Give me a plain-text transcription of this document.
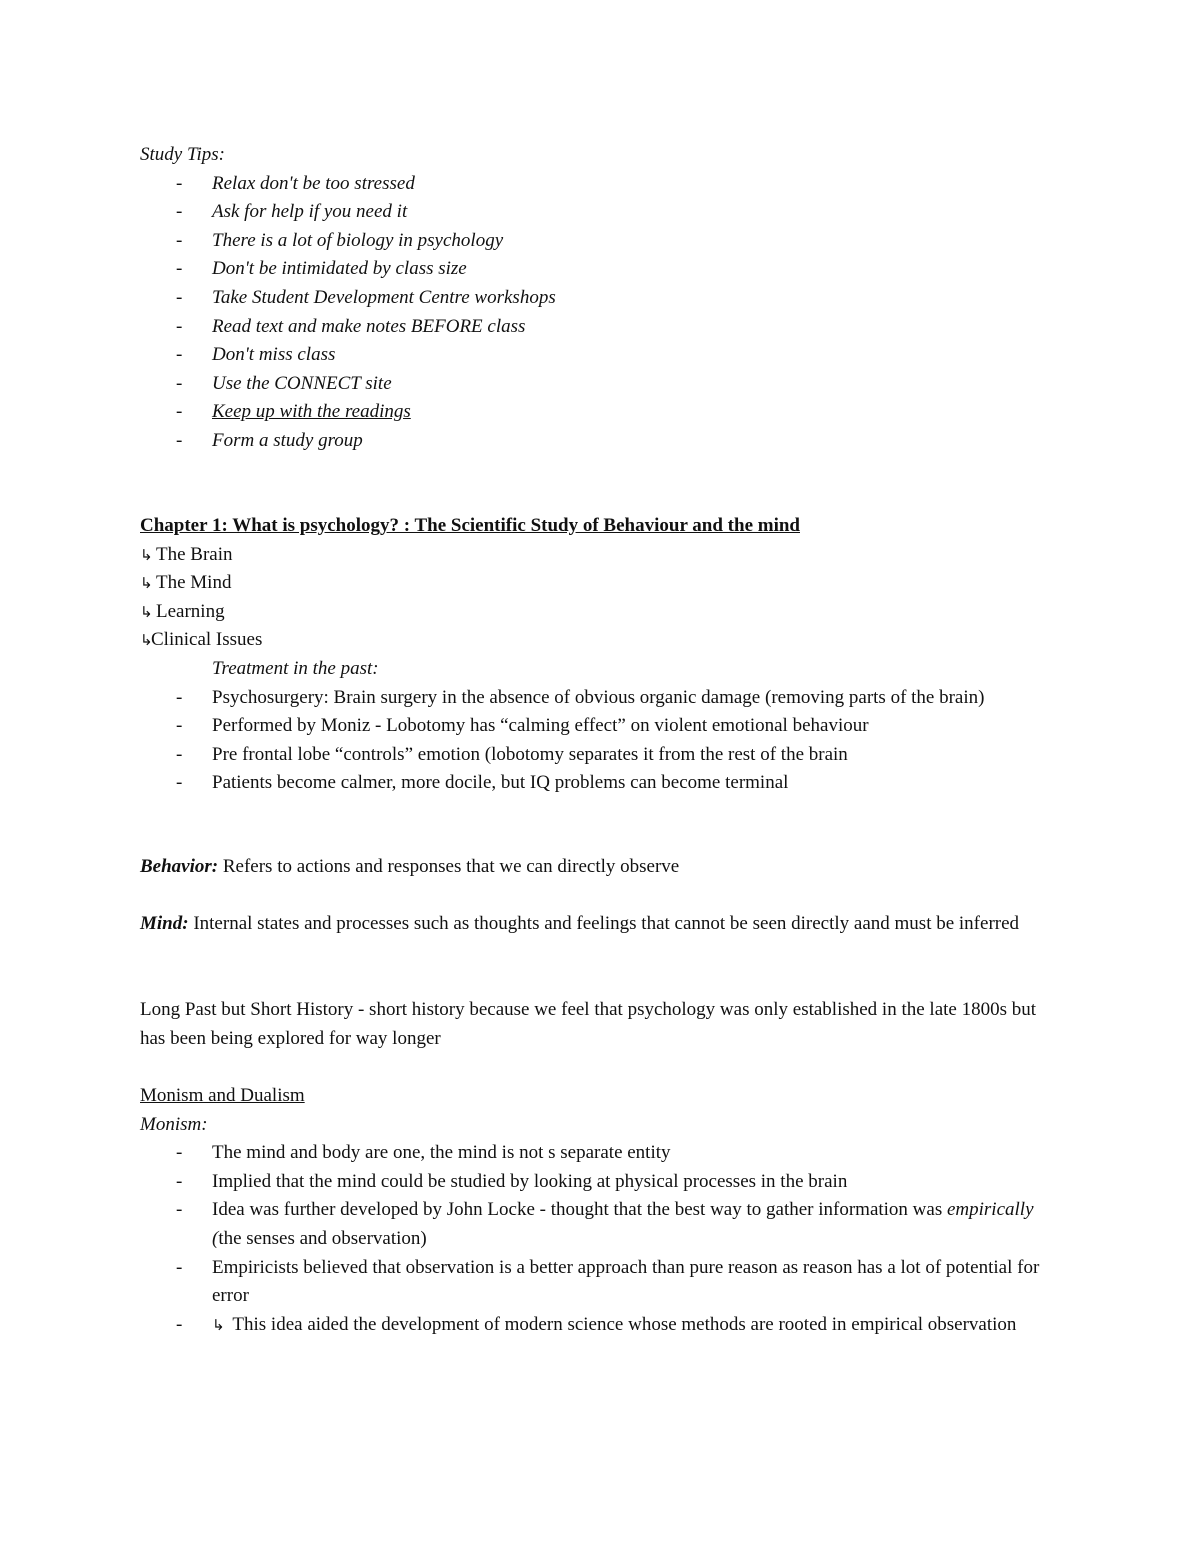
Study Tips:
-	Relax don't be too stressed
-	Ask for help if you need it
-	There is a lot of biology in psychology
-	Don't be intimidated by class size
-	Take Student Development Centre workshops
-	Read text and make notes BEFORE class
-	Don't miss class
-	Use the CONNECT site
-	Keep up with the readings
-	Form a study group
Chapter 1: What is psychology? : The Scientific Study of Behaviour and the mind
↳ The Brain
↳ The Mind
↳ Learning
↳Clinical Issues
Treatment in the past:
-	Psychosurgery: Brain surgery in the absence of obvious organic damage (removing parts of the brain)
-	Performed by Moniz - Lobotomy has “calming effect” on violent emotional behaviour
-	Pre frontal lobe “controls” emotion (lobotomy separates it from the rest of the brain
-	Patients become calmer, more docile, but IQ problems can become terminal

Behavior: Refers to actions and responses that we can directly observe

Mind: Internal states and processes such as thoughts and feelings that cannot be seen directly aand must be inferred

Long Past but Short History - short history because we feel that psychology was only established in the late 1800s but has been being explored for way longer

Monism and Dualism
Monism:
-	The mind and body are one, the mind is not s separate entity
-	Implied that the mind could be studied by looking at physical processes in the brain
-	Idea was further developed by John Locke - thought that the best way to gather information was empirically (the senses and observation)
-	Empiricists believed that observation is a better approach than pure reason as reason has a lot of potential for error
-	↳ This idea aided the development of modern science whose methods are rooted in empirical observation
